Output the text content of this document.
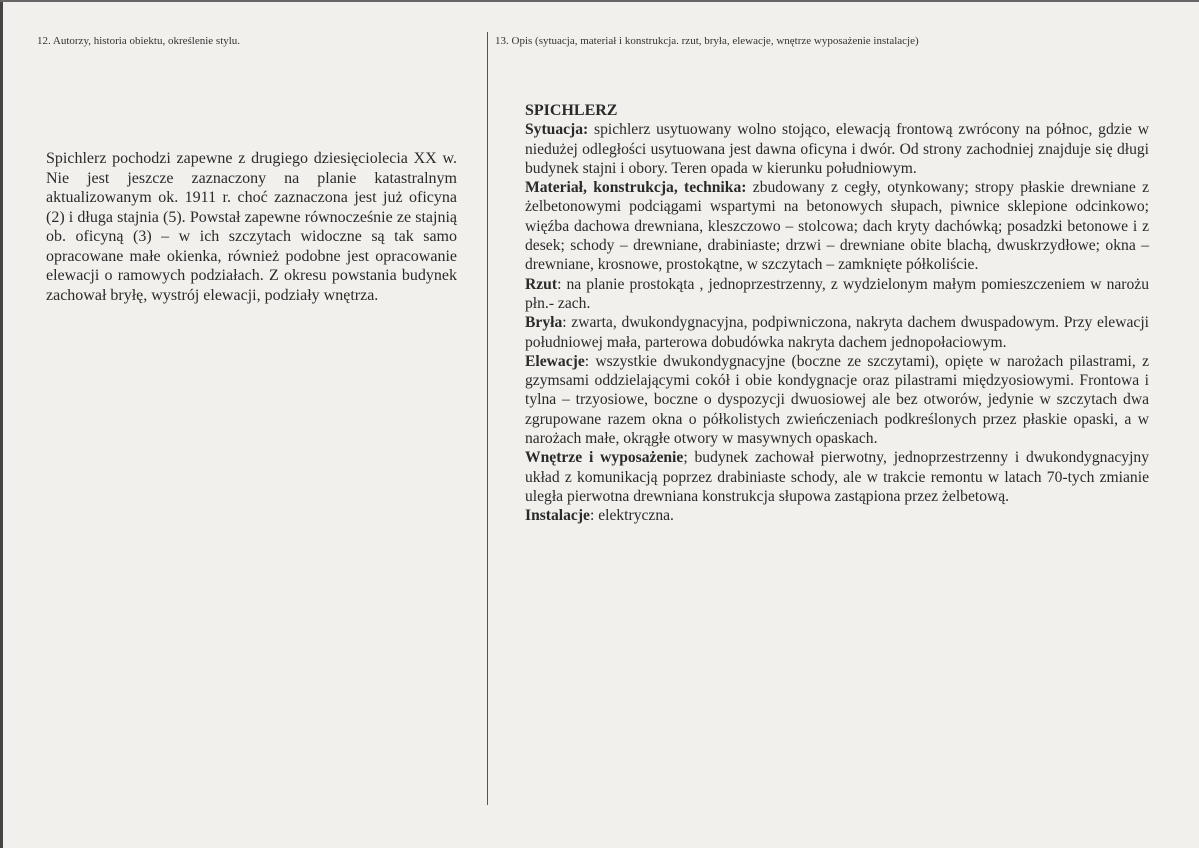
12. Autorzy, historia obiektu, określenie stylu.	13. Opis (sytuacja, materiał i konstrukcja. rzut, bryła, elewacje, wnętrze wyposażenie instalacje)
Spichlerz pochodzi zapewne z drugiego dziesięciolecia XX w. Nie jest jeszcze zaznaczony na planie katastralnym aktualizowanym ok. 1911 r. choć zaznaczona jest już oficyna (2) i długa stajnia (5). Powstał zapewne równocześnie ze stajnią ob. oficyną (3) – w ich szczytach widoczne są tak samo opracowane małe okienka, również podobne jest opracowanie elewacji o ramowych podziałach. Z okresu powstania budynek zachował bryłę, wystrój elewacji, podziały wnętrza.

SPICHLERZ

Sytuacja: spichlerz usytuowany wolno stojąco, elewacją frontową zwrócony na północ, gdzie w niedużej odległości usytuowana jest dawna oficyna i dwór. Od strony zachodniej znajduje się długi budynek stajni i obory. Teren opada w kierunku południowym.

Materiał, konstrukcja, technika: zbudowany z cegły, otynkowany; stropy płaskie drewniane z żelbetonowymi podciągami wspartymi na betonowych słupach, piwnice sklepione odcinkowo; więźba dachowa drewniana, kleszczowo – stolcowa; dach kryty dachówką; posadzki betonowe i z desek; schody – drewniane, drabiniaste; drzwi – drewniane obite blachą, dwuskrzydłowe; okna – drewniane, krosnowe, prostokątne, w szczytach – zamknięte półkoliście.

Rzut: na planie prostokąta , jednoprzestrzenny, z wydzielonym małym pomieszczeniem w narożu płn.- zach.

Bryła: zwarta, dwukondygnacyjna, podpiwniczona, nakryta dachem dwuspadowym. Przy elewacji południowej mała, parterowa dobudówka nakryta dachem jednopołaciowym.

Elewacje: wszystkie dwukondygnacyjne (boczne ze szczytami), opięte w narożach pilastrami, z gzymsami oddzielającymi cokół i obie kondygnacje oraz pilastrami międzyosiowymi. Frontowa i tylna – trzyosiowe, boczne o dyspozycji dwuosiowej ale bez otworów, jedynie w szczytach dwa zgrupowane razem okna o półkolistych zwieńczeniach podkreślonych przez płaskie opaski, a w narożach małe, okrągłe otwory w masywnych opaskach.

Wnętrze i wyposażenie; budynek zachował pierwotny, jednoprzestrzenny i dwukondygnacyjny układ z komunikacją poprzez drabiniaste schody, ale w trakcie remontu w latach 70-tych zmianie uległa pierwotna drewniana konstrukcja słupowa zastąpiona przez żelbetową.

Instalacje: elektryczna.
